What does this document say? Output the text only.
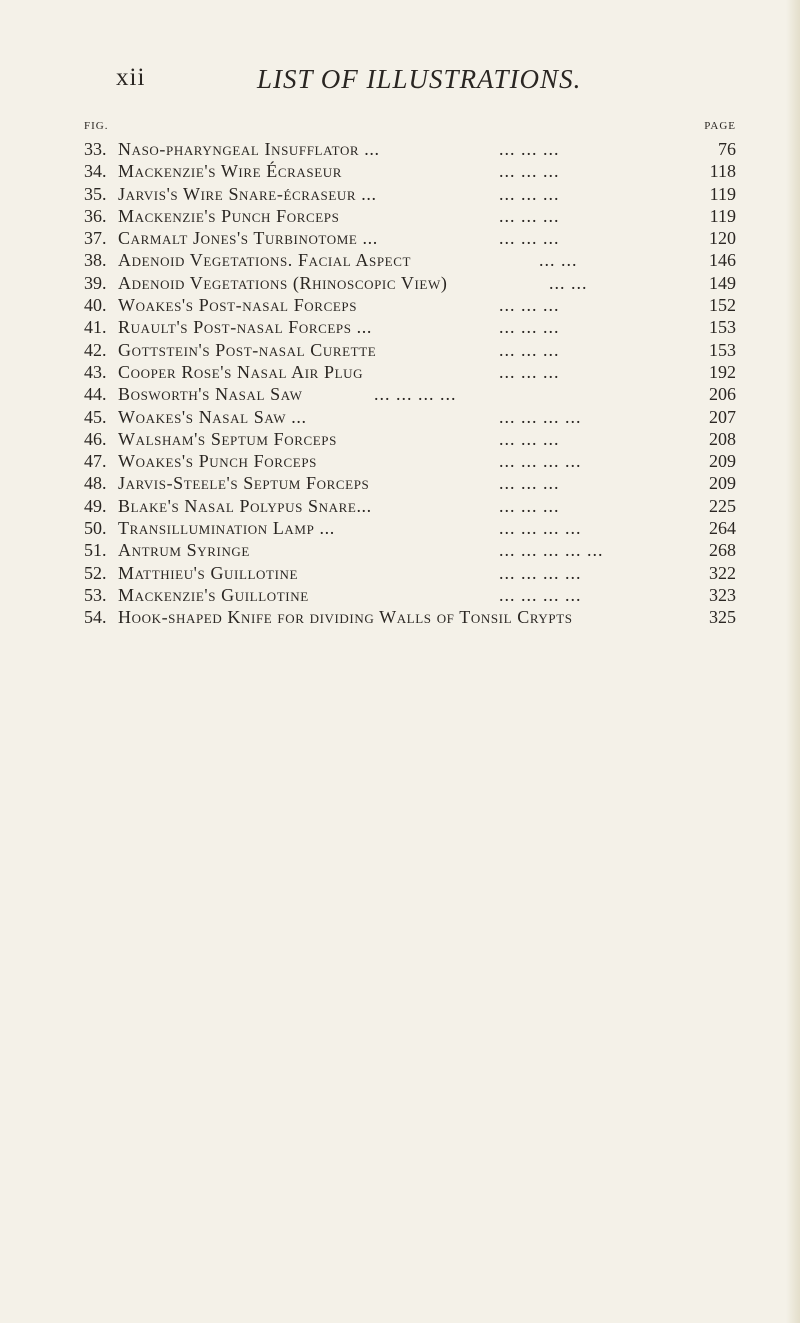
xii	LIST OF ILLUSTRATIONS.
FIG.	PAGE
33. Naso-pharyngeal Insufflator ...	... ... ...	76
34. Mackenzie's Wire Écraseur	... ... ...	118
35. Jarvis's Wire Snare-écraseur ...	... ... ...	119
36. Mackenzie's Punch Forceps	... ... ...	119
37. Carmalt Jones's Turbinotome ...	... ... ...	120
38. Adenoid Vegetations. Facial Aspect	... ...	146
39. Adenoid Vegetations (Rhinoscopic View)	... ...	149
40. Woakes's Post-nasal Forceps	... ... ...	152
41. Ruault's Post-nasal Forceps ...	... ... ...	153
42. Gottstein's Post-nasal Curette	... ... ...	153
43. Cooper Rose's Nasal Air Plug	... ... ...	192
44. Bosworth's Nasal Saw	... ... ... ...	206
45. Woakes's Nasal Saw ...	... ... ... ...	207
46. Walsham's Septum Forceps	... ... ...	208
47. Woakes's Punch Forceps	... ... ... ...	209
48. Jarvis-Steele's Septum Forceps	... ... ...	209
49. Blake's Nasal Polypus Snare...	... ... ...	225
50. Transillumination Lamp ...	... ... ... ...	264
51. Antrum Syringe	... ... ... ... ...	268
52. Matthieu's Guillotine	... ... ... ...	322
53. Mackenzie's Guillotine	... ... ... ...	323
54. Hook-shaped Knife for dividing Walls of Tonsil Crypts	325
